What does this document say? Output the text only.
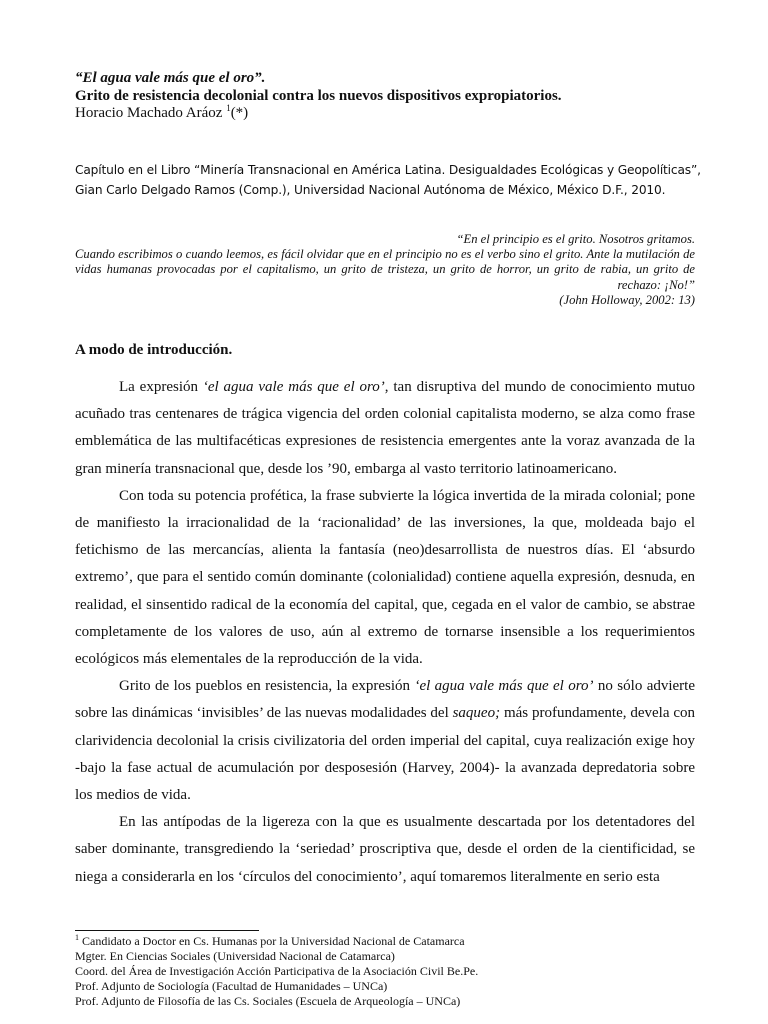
“El agua vale más que el oro”.
Grito de resistencia decolonial contra los nuevos dispositivos expropiatorios.
Horacio Machado Aráoz $^1$(*)
Capítulo en el Libro “Minería Transnacional en América Latina. Desigualdades Ecológicas y Geopolíticas”,
Gian Carlo Delgado Ramos (Comp.), Universidad Nacional Autónoma de México, México D.F., 2010.

“En el principio es el grito. Nosotros gritamos.

Cuando escribimos o cuando leemos, es fácil olvidar que en el principio no es el verbo sino el grito. Ante la mutilación de vidas humanas provocadas por el capitalismo, un grito de tristeza, un grito de horror, un grito de rabia, un grito de rechazo: ¡No!”

(John Holloway, 2002: 13)

A modo de introducción.

La expresión ‘el agua vale más que el oro’, tan disruptiva del mundo de conocimiento mutuo acuñado tras centenares de trágica vigencia del orden colonial capitalista moderno, se alza como frase emblemática de las multifacéticas expresiones de resistencia emergentes ante la voraz avanzada de la gran minería transnacional que, desde los ’90, embarga al vasto territorio latinoamericano.

Con toda su potencia profética, la frase subvierte la lógica invertida de la mirada colonial; pone de manifiesto la irracionalidad de la ‘racionalidad’ de las inversiones, la que, moldeada bajo el fetichismo de las mercancías, alienta la fantasía (neo)desarrollista de nuestros días. El ‘absurdo extremo’, que para el sentido común dominante (colonialidad) contiene aquella expresión, desnuda, en realidad, el sinsentido radical de la economía del capital, que, cegada en el valor de cambio, se abstrae completamente de los valores de uso, aún al extremo de tornarse insensible a los requerimientos ecológicos más elementales de la reproducción de la vida.

Grito de los pueblos en resistencia, la expresión ‘el agua vale más que el oro’ no sólo advierte sobre las dinámicas ‘invisibles’ de las nuevas modalidades del saqueo; más profundamente, devela con clarividencia decolonial la crisis civilizatoria del orden imperial del capital, cuya realización exige hoy -bajo la fase actual de acumulación por desposesión (Harvey, 2004)- la avanzada depredatoria sobre los medios de vida.

En las antípodas de la ligereza con la que es usualmente descartada por los detentadores del saber dominante, transgrediendo la ‘seriedad’ proscriptiva que, desde el orden de la cientificidad, se niega a considerarla en los ‘círculos del conocimiento’, aquí tomaremos literalmente en serio esta

$^1$ Candidato a Doctor en Cs. Humanas por la Universidad Nacional de Catamarca
Mgter. En Ciencias Sociales (Universidad Nacional de Catamarca)
Coord. del Área de Investigación Acción Participativa de la Asociación Civil Be.Pe.
Prof. Adjunto de Sociología (Facultad de Humanidades – UNCa)
Prof. Adjunto de Filosofía de las Cs. Sociales (Escuela de Arqueología – UNCa)
